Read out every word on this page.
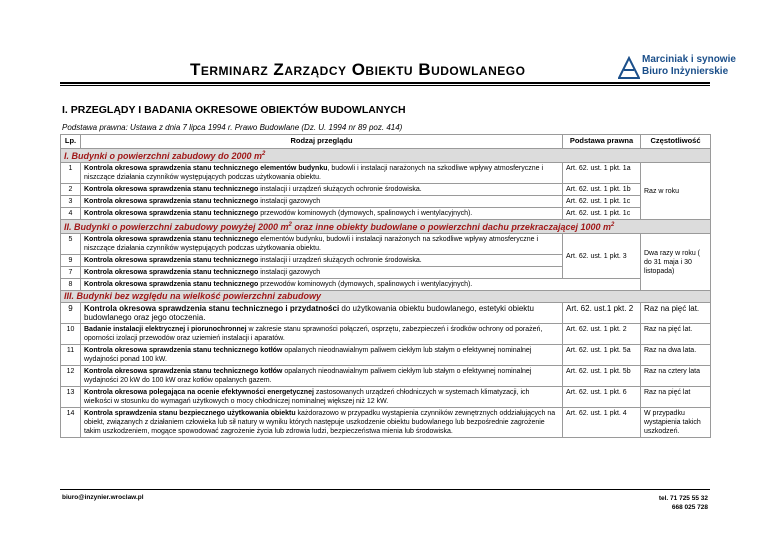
Terminarz Zarządcy Obiektu Budowlanego
Marciniak i synowie
Biuro Inżynierskie
I. PRZEGLĄDY I BADANIA OKRESOWE OBIEKTÓW BUDOWLANYCH
Podstawa prawna: Ustawa z dnia 7 lipca 1994 r. Prawo Budowlane (Dz. U. 1994 nr 89 poz. 414)
Lp.	Rodzaj przeglądu	Podstawa prawna	Częstotliwość
I. Budynki o powierzchni zabudowy do 2000 $m^2$
1	Kontrola okresowa sprawdzenia stanu technicznego elementów budynku, budowli i instalacji narażonych na szkodliwe wpływy atmosferyczne i niszczące działania czynników występujących podczas użytkowania obiektu.	Art. 62. ust. 1 pkt. 1a	Raz w roku
2	Kontrola okresowa sprawdzenia stanu technicznego instalacji i urządzeń służących ochronie środowiska.	Art. 62. ust. 1 pkt. 1b	
3	Kontrola okresowa sprawdzenia stanu technicznego instalacji gazowych	Art. 62. ust. 1 pkt. 1c	
4	Kontrola okresowa sprawdzenia stanu technicznego przewodów kominowych (dymowych, spalinowych i wentylacyjnych).	Art. 62. ust. 1 pkt. 1c	
II. Budynki o powierzchni zabudowy powyżej 2000 $m^2$ oraz inne obiekty budowlane o powierzchni dachu przekraczającej 1000 $m^2$
5	Kontrola okresowa sprawdzenia stanu technicznego elementów budynku, budowli i instalacji narażonych na szkodliwe wpływy atmosferyczne i niszczące działania czynników występujących podczas użytkowania obiektu.	Art. 62. ust. 1 pkt. 3	Dwa razy w roku ( do 31 maja i 30 listopada)
9	Kontrola okresowa sprawdzenia stanu technicznego instalacji i urządzeń służących ochronie środowiska.		
7	Kontrola okresowa sprawdzenia stanu technicznego instalacji gazowych		
8	Kontrola okresowa sprawdzenia stanu technicznego przewodów kominowych (dymowych, spalinowych i wentylacyjnych).		
III. Budynki bez względu na wielkość powierzchni zabudowy			
9	Kontrola okresowa sprawdzenia stanu technicznego i przydatności do użytkowania obiektu budowlanego, estetyki obiektu budowlanego oraz jego otoczenia.	Art. 62. ust.1 pkt. 2	Raz na pięć lat.
10	Badanie instalacji elektrycznej i piorunochronnej w zakresie stanu sprawności połączeń, osprzętu, zabezpieczeń i środków ochrony od porażeń, oporności izolacji przewodów oraz uziemień instalacji i aparatów.	Art. 62. ust. 1 pkt. 2	Raz na pięć lat.
11	Kontrola okresowa sprawdzenia stanu technicznego kotłów opalanych nieodnawialnym paliwem ciekłym lub stałym o efektywnej nominalnej wydajności ponad 100 kW.	Art. 62. ust. 1 pkt. 5a	Raz na dwa lata.
12	Kontrola okresowa sprawdzenia stanu technicznego kotłów opalanych nieodnawialnym paliwem ciekłym lub stałym o efektywnej nominalnej wydajności 20 kW do 100 kW oraz kotłów opalanych gazem.	Art. 62. ust. 1 pkt. 5b	Raz na cztery lata
13	Kontrola okresowa polegająca na ocenie efektywności energetycznej zastosowanych urządzeń chłodniczych w systemach klimatyzacji, ich wielkości w stosunku do wymagań użytkowych o mocy chłodniczej nominalnej większej niż 12 kW.	Art. 62. ust. 1 pkt. 6	Raz na pięć lat
14	Kontrola sprawdzenia stanu bezpiecznego użytkowania obiektu każdorazowo w przypadku wystąpienia czynników zewnętrznych oddziałujących na obiekt, związanych z działaniem człowieka lub sił natury w wyniku których następuje uszkodzenie obiektu budowlanego lub bezpośrednie zagrożenie takim uszkodzeniem, mogące spowodować zagrożenie życia lub zdrowia ludzi, bezpieczeństwa mienia lub środowiska.	Art. 62. ust. 1 pkt. 4	W przypadku wystąpienia takich uszkodzeń.
biuro@inzynier.wroclaw.pl	tel. 71 725 55 32
668 025 728
